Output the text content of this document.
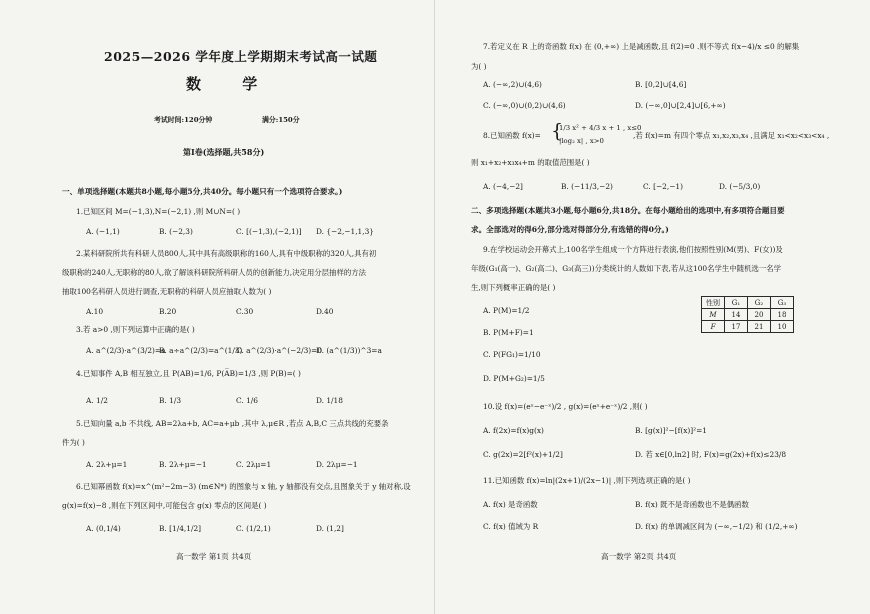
2025—2026 学年度上学期期末考试高一试题
数 学
考试时间:120分钟	满分:150分
第Ⅰ卷(选择题,共58分)
一、单项选择题(本题共8小题,每小题5分,共40分。每小题只有一个选项符合要求。)
1.已知区间 M=(−1,3),N=(−2,1) ,则 M∪N=( )
A. (−1,1)	B. (−2,3)	C. [(−1,3),(−2,1)] D. {−2,−1,1,3}
2.某科研院所共有科研人员800人,其中具有高级职称的160人,具有中级职称的320人,具有初
级职称的240人,无职称的80人,欲了解该科研院所科研人员的创新能力,决定用分层抽样的方法
抽取100名科研人员进行调查,无职称的科研人员应抽取人数为( )
A.10	B.20	C.30	D.40
3.若 a>0 ,则下列运算中正确的是( )
A. a^(2/3)·a^(3/2)=a
B. a÷a^(2/3)=a^(1/3)
C. a^(2/3)·a^(−2/3)=0
D. (a^(1/3))^3=a
4.已知事件 A,B 相互独立,且 P(AB)=1/6, P(A̅B)=1/3 ,则 P(B)=( )
A. 1/2	B. 1/3	C. 1/6	D. 1/18
5.已知向量 a,b 不共线, AB=2λa+b, AC=a+μb ,其中 λ,μ∈R ,若点 A,B,C 三点共线的充要条
件为( )
A. 2λ+μ=1	B. 2λ+μ=−1	C. 2λμ=1	D. 2λμ=−1
6.已知幂函数 f(x)=x^(m²−2m−3) (m∈N*) 的图象与 x 轴, y 轴都没有交点,且图象关于 y 轴对称,设
g(x)=f(x)−8 ,则在下列区间中,可能包含 g(x) 零点的区间是( )
A. (0,1/4)	B. [1/4,1/2]	C. (1/2,1)	D. (1,2]
高一数学 第1页 共4页
7.若定义在 R 上的奇函数 f(x) 在 (0,+∞) 上是减函数,且 f(2)=0 .则不等式 f(x−4)/x ≤0 的解集
为( )
A. (−∞,2)∪(4,6)	B. [0,2]∪[4,6]
C. (−∞,0)∪(0,2)∪(4,6)	D. (−∞,0]∪[2,4]∪[6,+∞)
8.已知函数 f(x)= {
1/3 x² + 4/3 x + 1 , x≤0
|log₂ x| , x>0
,若 f(x)=m 有四个零点 x₁,x₂,x₃,x₄ ,且满足 x₁<x₂<x₃<x₄ ,
则 x₁+x₂+x₃x₄+m 的取值范围是( )
A. (−4,−2]	B. (−11/3,−2)	C. [−2,−1)	D. (−5/3,0)
二、多项选择题(本题共3小题,每小题6分,共18分。在每小题给出的选项中,有多项符合题目要
求。全部选对的得6分,部分选对得部分分,有选错的得0分。)
9.在学校运动会开幕式上,100名学生组成一个方阵进行表演,他们按照性别(M(男)、F(女))及
年级(G₁(高一)、G₂(高二)、G₃(高三))分类统计的人数如下表,若从这100名学生中随机选一名学
生,则下列概率正确的是( )
A. P(M)=1/2
B. P(M+F)=1
C. P(FG₁)=1/10
D. P(M+G₂)=1/5
性别	G₁	G₂	G₃
M	14	20	18
F	17	21	10
10.设 f(x)=(eˣ−e⁻ˣ)/2 , g(x)=(eˣ+e⁻ˣ)/2 ,则( )
A. f(2x)=f(x)g(x)	B. [g(x)]²−[f(x)]²=1
C. g(2x)=2[f²(x)+1/2]	D. 若 x∈[0,ln2] 时, F(x)=g(2x)+f(x)≤23/8
11.已知函数 f(x)=ln|(2x+1)/(2x−1)| ,则下列选项正确的是( )
A. f(x) 是奇函数	B. f(x) 既不是奇函数也不是偶函数
C. f(x) 值域为 R	D. f(x) 的单调减区间为 (−∞,−1/2) 和 (1/2,+∞)
高一数学 第2页 共4页
